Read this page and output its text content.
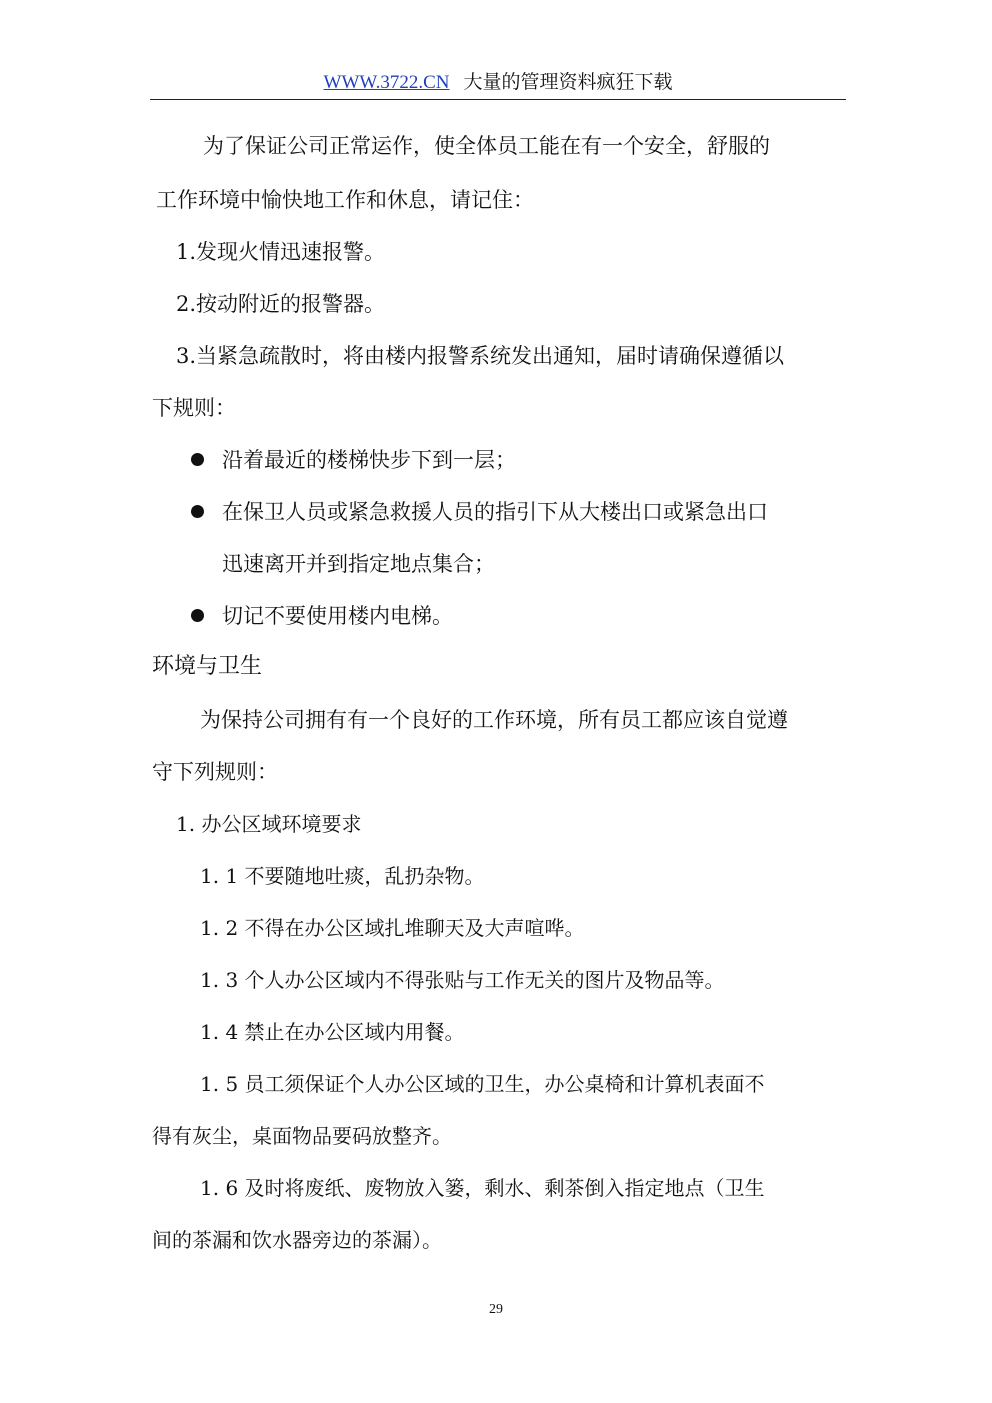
WWW.3722.CN 大量的管理资料疯狂下载
为了保证公司正常运作，使全体员工能在有一个安全，舒服的
工作环境中愉快地工作和休息，请记住：
1.发现火情迅速报警。
2.按动附近的报警器。
3.当紧急疏散时，将由楼内报警系统发出通知，届时请确保遵循以
下规则：
沿着最近的楼梯快步下到一层；
在保卫人员或紧急救援人员的指引下从大楼出口或紧急出口
迅速离开并到指定地点集合；
切记不要使用楼内电梯。
环境与卫生
为保持公司拥有有一个良好的工作环境，所有员工都应该自觉遵
守下列规则：
1. 办公区域环境要求
1. 1 不要随地吐痰，乱扔杂物。
1. 2 不得在办公区域扎堆聊天及大声喧哗。
1. 3 个人办公区域内不得张贴与工作无关的图片及物品等。
1. 4 禁止在办公区域内用餐。
1. 5 员工须保证个人办公区域的卫生，办公桌椅和计算机表面不
得有灰尘，桌面物品要码放整齐。
1. 6 及时将废纸、废物放入篓，剩水、剩茶倒入指定地点（卫生
间的茶漏和饮水器旁边的茶漏）。
29
